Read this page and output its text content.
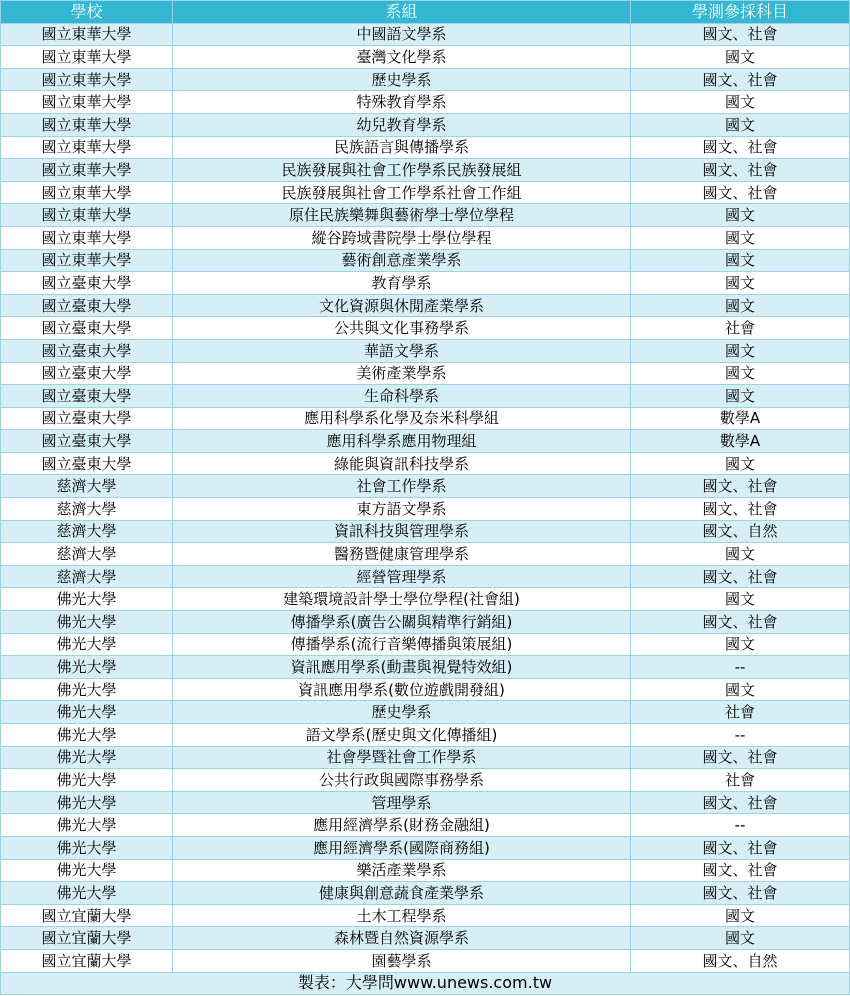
學校	系組	學測參採科目
國立東華大學	中國語文學系	國文、社會
國立東華大學	臺灣文化學系	國文
國立東華大學	歷史學系	國文、社會
國立東華大學	特殊教育學系	國文
國立東華大學	幼兒教育學系	國文
國立東華大學	民族語言與傳播學系	國文、社會
國立東華大學	民族發展與社會工作學系民族發展組	國文、社會
國立東華大學	民族發展與社會工作學系社會工作組	國文、社會
國立東華大學	原住民族樂舞與藝術學士學位學程	國文
國立東華大學	縱谷跨域書院學士學位學程	國文
國立東華大學	藝術創意產業學系	國文
國立臺東大學	教育學系	國文
國立臺東大學	文化資源與休閒產業學系	國文
國立臺東大學	公共與文化事務學系	社會
國立臺東大學	華語文學系	國文
國立臺東大學	美術產業學系	國文
國立臺東大學	生命科學系	國文
國立臺東大學	應用科學系化學及奈米科學組	數學A
國立臺東大學	應用科學系應用物理組	數學A
國立臺東大學	綠能與資訊科技學系	國文
慈濟大學	社會工作學系	國文、社會
慈濟大學	東方語文學系	國文、社會
慈濟大學	資訊科技與管理學系	國文、自然
慈濟大學	醫務暨健康管理學系	國文
慈濟大學	經營管理學系	國文、社會
佛光大學	建築環境設計學士學位學程(社會組)	國文
佛光大學	傳播學系(廣告公關與精準行銷組)	國文、社會
佛光大學	傳播學系(流行音樂傳播與策展組)	國文
佛光大學	資訊應用學系(動畫與視覺特效組)	--
佛光大學	資訊應用學系(數位遊戲開發組)	國文
佛光大學	歷史學系	社會
佛光大學	語文學系(歷史與文化傳播組)	--
佛光大學	社會學暨社會工作學系	國文、社會
佛光大學	公共行政與國際事務學系	社會
佛光大學	管理學系	國文、社會
佛光大學	應用經濟學系(財務金融組)	--
佛光大學	應用經濟學系(國際商務組)	國文、社會
佛光大學	樂活產業學系	國文、社會
佛光大學	健康與創意蔬食產業學系	國文、社會
國立宜蘭大學	土木工程學系	國文
國立宜蘭大學	森林暨自然資源學系	國文
國立宜蘭大學	園藝學系	國文、自然
製表：大學問www.unews.com.tw		
